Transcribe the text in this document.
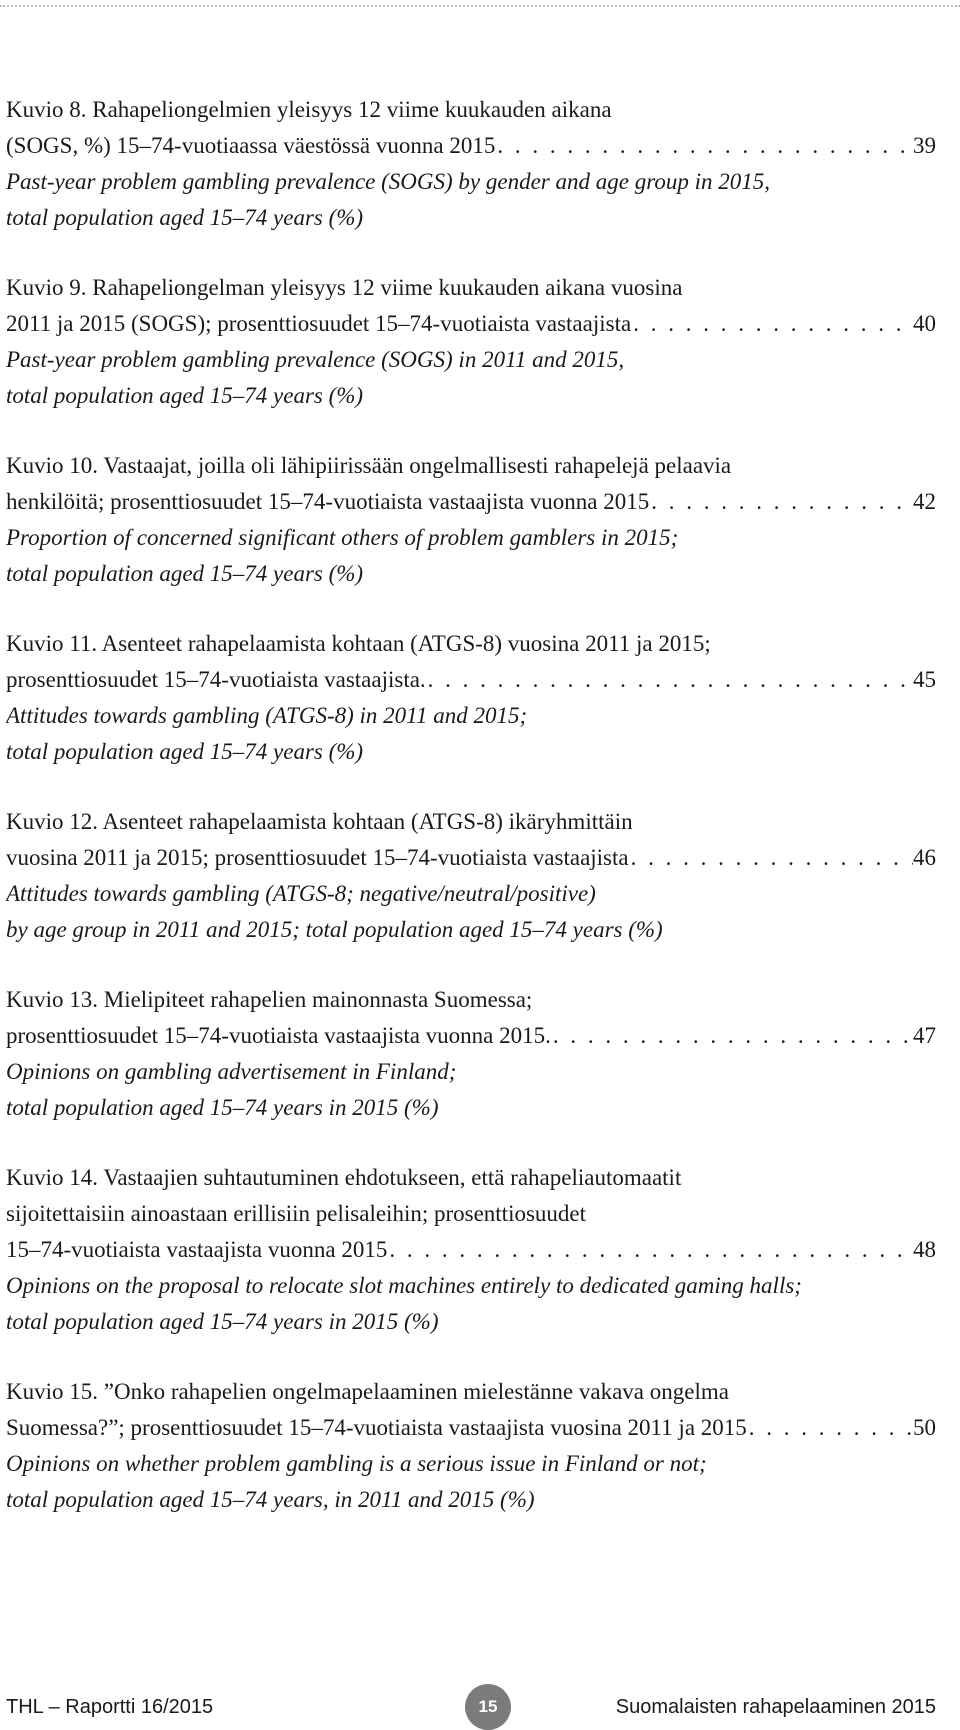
Kuvio 8. Rahapeliongelmien yleisyys 12 viime kuukauden aikana
(SOGS, %) 15–74-vuotiaassa väestössä vuonna 2015 . . .	39
Past-year problem gambling prevalence (SOGS) by gender and age group in 2015,
total population aged 15–74 years (%)
Kuvio 9. Rahapeliongelman yleisyys 12 viime kuukauden aikana vuosina
2011 ja 2015 (SOGS); prosenttiosuudet 15–74-vuotiaista vastaajista . . .	40
Past-year problem gambling prevalence (SOGS) in 2011 and 2015,
total population aged 15–74 years (%)
Kuvio 10. Vastaajat, joilla oli lähipiirissään ongelmallisesti rahapelejä pelaavia
henkilöitä; prosenttiosuudet 15–74-vuotiaista vastaajista vuonna 2015 . . .	42
Proportion of concerned significant others of problem gamblers in 2015;
total population aged 15–74 years (%)
Kuvio 11. Asenteet rahapelaamista kohtaan (ATGS-8) vuosina 2011 ja 2015;
prosenttiosuudet 15–74-vuotiaista vastaajista. . . .	45
Attitudes towards gambling (ATGS-8) in 2011 and 2015;
total population aged 15–74 years (%)
Kuvio 12. Asenteet rahapelaamista kohtaan (ATGS-8) ikäryhmittäin
vuosina 2011 ja 2015; prosenttiosuudet 15–74-vuotiaista vastaajista . . .	46
Attitudes towards gambling (ATGS-8; negative/neutral/positive)
by age group in 2011 and 2015; total population aged 15–74 years (%)
Kuvio 13. Mielipiteet rahapelien mainonnasta Suomessa;
prosenttiosuudet 15–74-vuotiaista vastaajista vuonna 2015. . . .	47
Opinions on gambling advertisement in Finland;
total population aged 15–74 years in 2015 (%)
Kuvio 14. Vastaajien suhtautuminen ehdotukseen, että rahapeliautomaatit
sijoitettaisiin ainoastaan erillisiin pelisaleihin; prosenttiosuudet
15–74-vuotiaista vastaajista vuonna 2015 . . .	48
Opinions on the proposal to relocate slot machines entirely to dedicated gaming halls;
total population aged 15–74 years in 2015 (%)
Kuvio 15. ”Onko rahapelien ongelmapelaaminen mielestänne vakava ongelma
Suomessa?”; prosenttiosuudet 15–74-vuotiaista vastaajista vuosina 2011 ja 2015 . . .	50
Opinions on whether problem gambling is a serious issue in Finland or not;
total population aged 15–74 years, in 2011 and 2015 (%)
THL – Raportti 16/2015	15	Suomalaisten rahapelaaminen 2015
